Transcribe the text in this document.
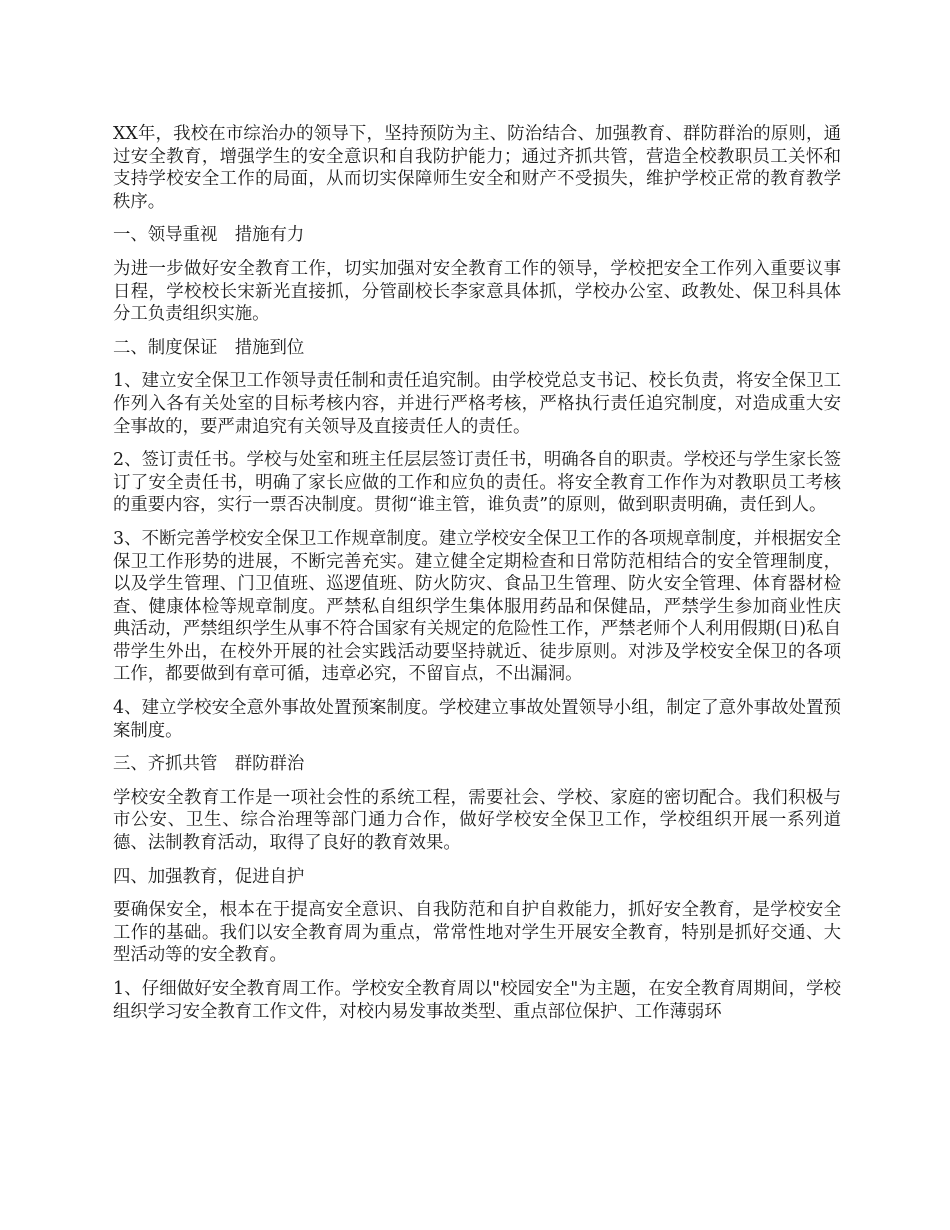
XX年，我校在市综治办的领导下，坚持预防为主、防治结合、加强教育、群防群治的原则，通过安全教育，增强学生的安全意识和自我防护能力；通过齐抓共管，营造全校教职员工关怀和支持学校安全工作的局面，从而切实保障师生安全和财产不受损失，维护学校正常的教育教学秩序。

一、领导重视　措施有力

为进一步做好安全教育工作，切实加强对安全教育工作的领导，学校把安全工作列入重要议事日程，学校校长宋新光直接抓，分管副校长李家意具体抓，学校办公室、政教处、保卫科具体分工负责组织实施。

二、制度保证　措施到位

1、建立安全保卫工作领导责任制和责任追究制。由学校党总支书记、校长负责，将安全保卫工作列入各有关处室的目标考核内容，并进行严格考核，严格执行责任追究制度，对造成重大安全事故的，要严肃追究有关领导及直接责任人的责任。

2、签订责任书。学校与处室和班主任层层签订责任书，明确各自的职责。学校还与学生家长签订了安全责任书，明确了家长应做的工作和应负的责任。将安全教育工作作为对教职员工考核的重要内容，实行一票否决制度。贯彻“谁主管，谁负责”的原则，做到职责明确，责任到人。

3、不断完善学校安全保卫工作规章制度。建立学校安全保卫工作的各项规章制度，并根据安全保卫工作形势的进展，不断完善充实。建立健全定期检查和日常防范相结合的安全管理制度，以及学生管理、门卫值班、巡逻值班、防火防灾、食品卫生管理、防火安全管理、体育器材检查、健康体检等规章制度。严禁私自组织学生集体服用药品和保健品，严禁学生参加商业性庆典活动，严禁组织学生从事不符合国家有关规定的危险性工作，严禁老师个人利用假期(日)私自带学生外出，在校外开展的社会实践活动要坚持就近、徒步原则。对涉及学校安全保卫的各项工作，都要做到有章可循，违章必究，不留盲点，不出漏洞。

4、建立学校安全意外事故处置预案制度。学校建立事故处置领导小组，制定了意外事故处置预案制度。

三、齐抓共管　群防群治

学校安全教育工作是一项社会性的系统工程，需要社会、学校、家庭的密切配合。我们积极与市公安、卫生、综合治理等部门通力合作，做好学校安全保卫工作，学校组织开展一系列道德、法制教育活动，取得了良好的教育效果。

四、加强教育，促进自护

要确保安全，根本在于提高安全意识、自我防范和自护自救能力，抓好安全教育，是学校安全工作的基础。我们以安全教育周为重点，常常性地对学生开展安全教育，特别是抓好交通、大型活动等的安全教育。

1、仔细做好安全教育周工作。学校安全教育周以"校园安全"为主题，在安全教育周期间，学校组织学习安全教育工作文件，对校内易发事故类型、重点部位保护、工作薄弱环
